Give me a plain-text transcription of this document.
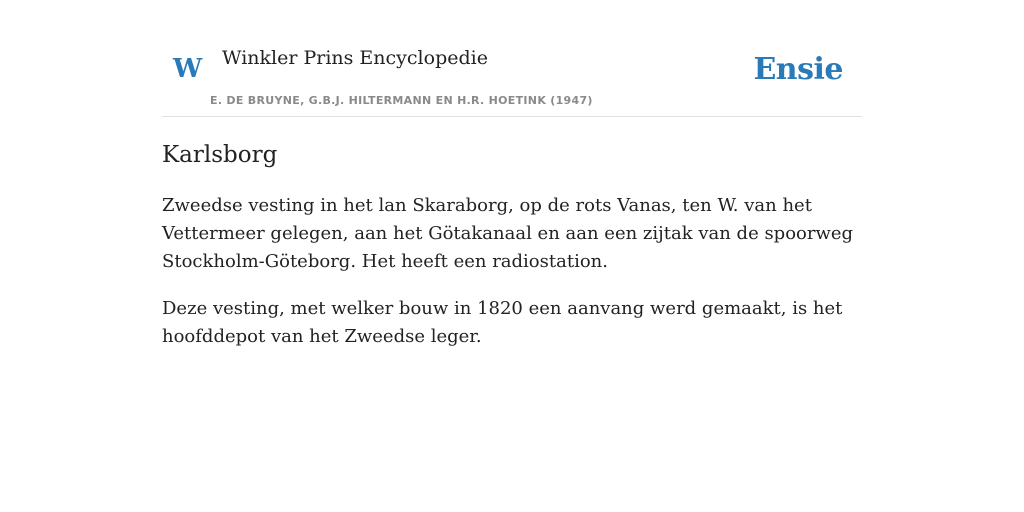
W Winkler Prins Encyclopedie
E. DE BRUYNE, G.B.J. HILTERMANN EN H.R. HOETINK (1947)
Ensie
Karlsborg

Zweedse vesting in het lan Skaraborg, op de rots Vanas, ten W. van het Vettermeer gelegen, aan het Götakanaal en aan een zijtak van de spoorweg Stockholm-Göteborg. Het heeft een radiostation.

Deze vesting, met welker bouw in 1820 een aanvang werd gemaakt, is het hoofddepot van het Zweedse leger.
